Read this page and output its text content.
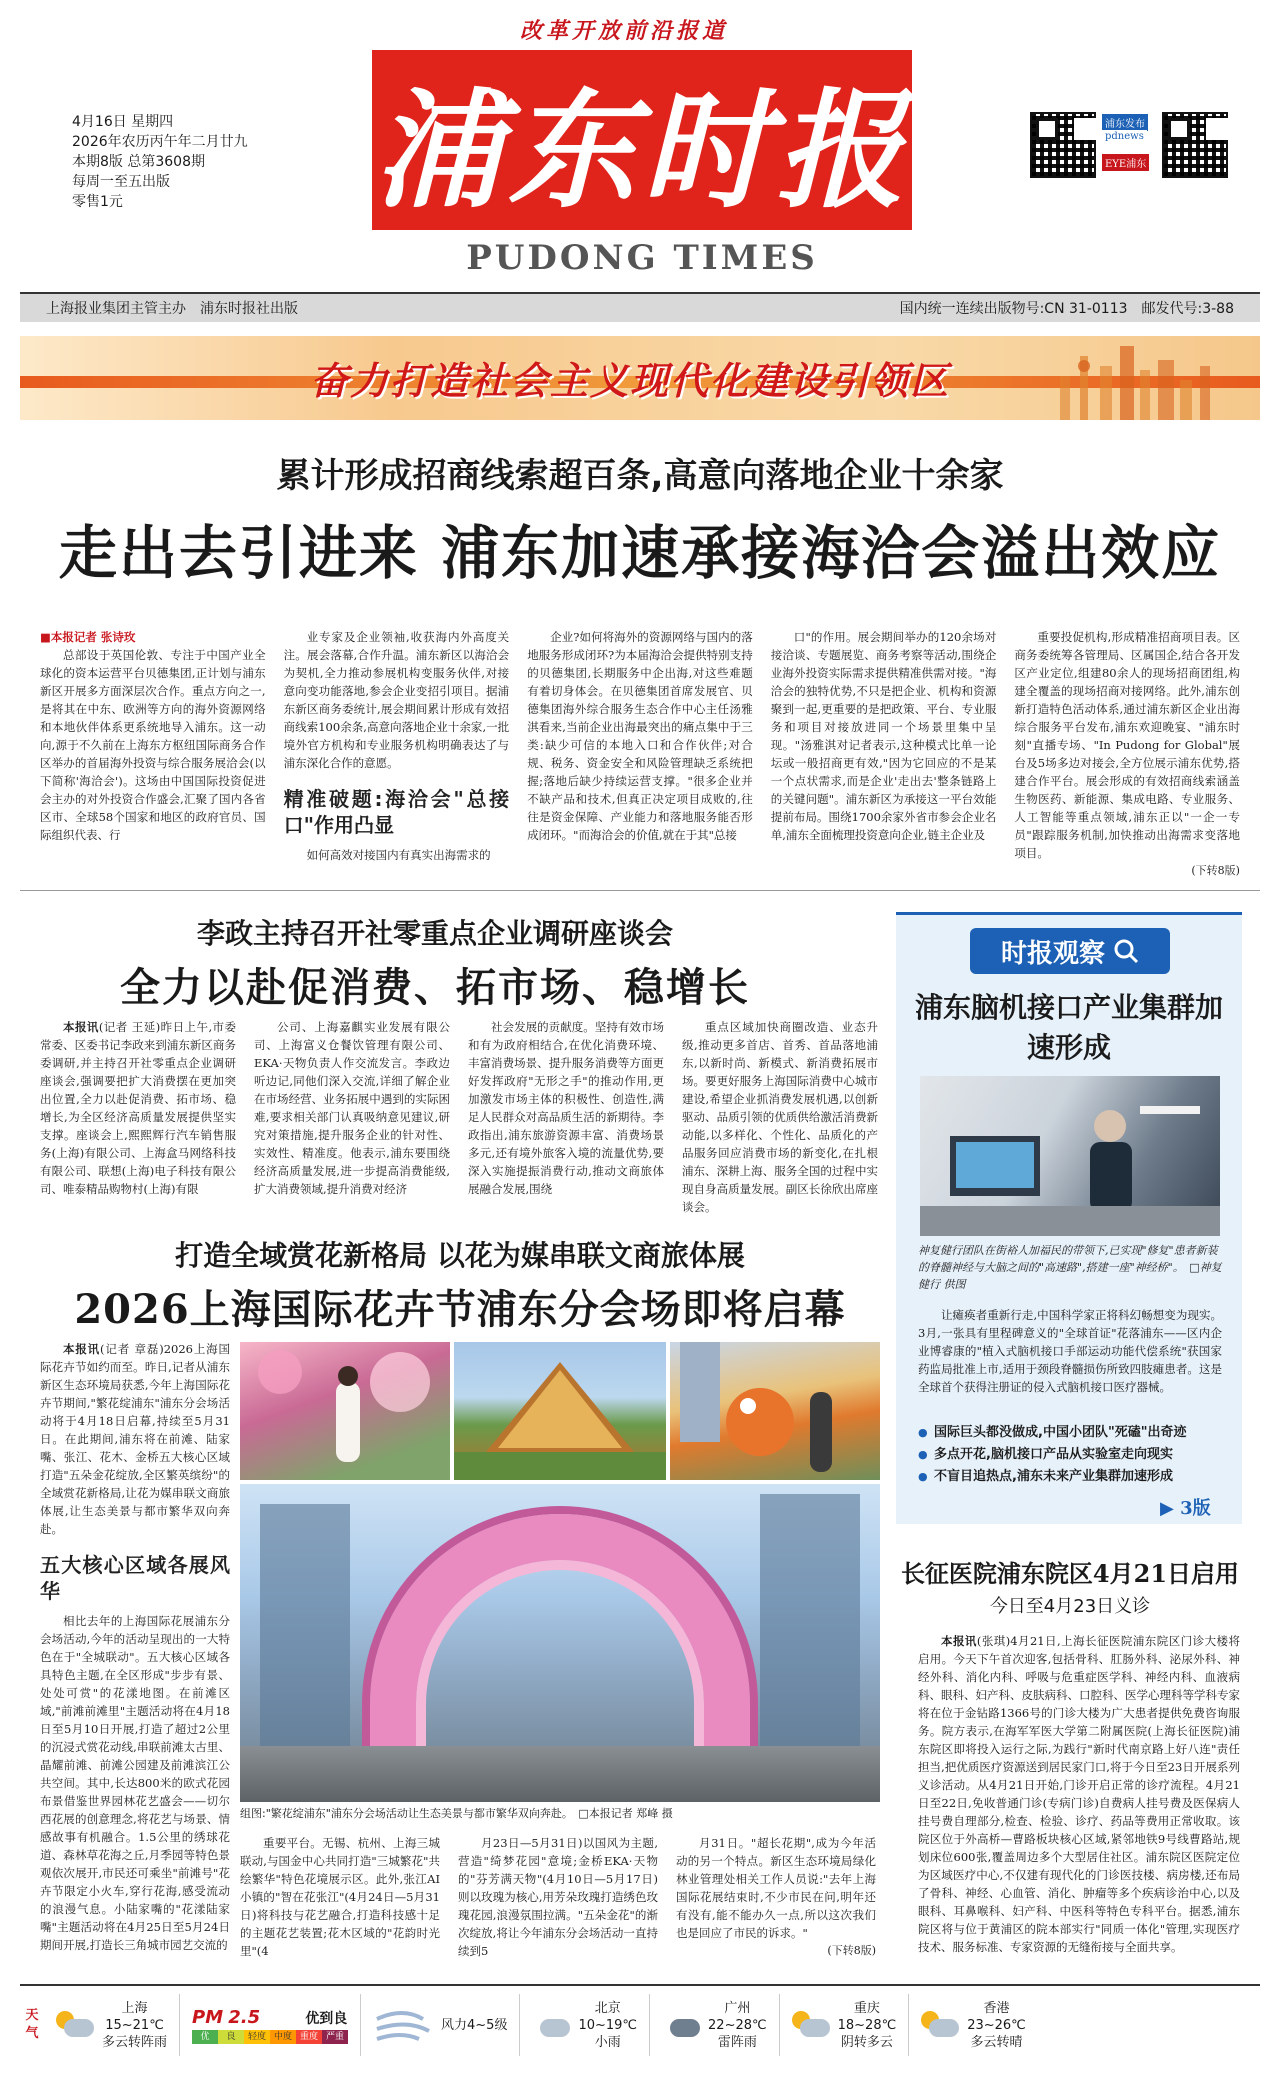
改革开放前沿报道
浦东时报
PUDONG TIMES
4月16日 星期四
2026年农历丙午年二月廿九
本期8版 总第3608期
每周一至五出版
零售1元
浦东发布
pdnews
EYE浦东
上海报业集团主管主办　浦东时报社出版	国内统一连续出版物号:CN 31-0113　邮发代号:3-88
奋力打造社会主义现代化建设引领区
累计形成招商线索超百条,高意向落地企业十余家
走出去引进来 浦东加速承接海洽会溢出效应
■本报记者 张诗玫

总部设于英国伦敦、专注于中国产业全球化的资本运营平台贝德集团,正计划与浦东新区开展多方面深层次合作。重点方向之一,是将其在中东、欧洲等方向的海外资源网络和本地伙伴体系更系统地导入浦东。这一动向,源于不久前在上海东方枢纽国际商务合作区举办的首届海外投资与综合服务展洽会(以下简称'海洽会')。这场由中国国际投资促进会主办的对外投资合作盛会,汇聚了国内各省区市、全球58个国家和地区的政府官员、国际组织代表、行

业专家及企业领袖,收获海内外高度关注。展会落幕,合作升温。浦东新区以海洽会为契机,全力推动参展机构变服务伙伴,对接意向变功能落地,参会企业变招引项目。据浦东新区商务委统计,展会期间累计形成有效招商线索100余条,高意向落地企业十余家,一批境外官方机构和专业服务机构明确表达了与浦东深化合作的意愿。

精准破题:海洽会"总接口"作用凸显

如何高效对接国内有真实出海需求的

企业?如何将海外的资源网络与国内的落地服务形成闭环?为本届海洽会提供特别支持的贝德集团,长期服务中企出海,对这些难题有着切身体会。在贝德集团首席发展官、贝德集团海外综合服务生态合作中心主任汤雅淇看来,当前企业出海最突出的痛点集中于三类:缺少可信的本地入口和合作伙伴;对合规、税务、资金安全和风险管理缺乏系统把握;落地后缺少持续运营支撑。"很多企业并不缺产品和技术,但真正决定项目成败的,往往是资金保障、产业能力和落地服务能否形成闭环。"而海洽会的价值,就在于其"总接

口"的作用。展会期间举办的120余场对接洽谈、专题展览、商务考察等活动,围绕企业海外投资实际需求提供精准供需对接。"海洽会的独特优势,不只是把企业、机构和资源聚到一起,更重要的是把政策、平台、专业服务和项目对接放进同一个场景里集中呈现。"汤雅淇对记者表示,这种模式比单一论坛或一般招商更有效,"因为它回应的不是某一个点状需求,而是企业'走出去'整条链路上的关键问题"。浦东新区为承接这一平台效能提前布局。围绕1700余家外省市参会企业名单,浦东全面梳理投资意向企业,链主企业及

重要投促机构,形成精准招商项目表。区商务委统筹各管理局、区属国企,结合各开发区产业定位,组建80余人的现场招商团组,构建全覆盖的现场招商对接网络。此外,浦东创新打造特色活动体系,通过浦东新区企业出海综合服务平台发布,浦东欢迎晚宴、"浦东时刻"直播专场、"In Pudong for Global"展台及5场多边对接会,全方位展示浦东优势,搭建合作平台。展会形成的有效招商线索涵盖生物医药、新能源、集成电路、专业服务、人工智能等重点领域,浦东正以"一企一专员"跟踪服务机制,加快推动出海需求变落地项目。

(下转8版)
李政主持召开社零重点企业调研座谈会
全力以赴促消费、拓市场、稳增长

本报讯(记者 王延)昨日上午,市委常委、区委书记李政来到浦东新区商务委调研,并主持召开社零重点企业调研座谈会,强调要把扩大消费摆在更加突出位置,全力以赴促消费、拓市场、稳增长,为全区经济高质量发展提供坚实支撑。座谈会上,熙熙辉行汽车销售服务(上海)有限公司、上海盒马网络科技有限公司、联想(上海)电子科技有限公司、唯泰精品购物村(上海)有限

公司、上海嘉麒实业发展有限公司、上海富义仓餐饮管理有限公司、EKA·天物负责人作交流发言。李政边听边记,同他们深入交流,详细了解企业在市场经营、业务拓展中遇到的实际困难,要求相关部门认真吸纳意见建议,研究对策措施,提升服务企业的针对性、实效性、精准度。他表示,浦东要围绕经济高质量发展,进一步提高消费能级,扩大消费领域,提升消费对经济

社会发展的贡献度。坚持有效市场和有为政府相结合,在优化消费环境、丰富消费场景、提升服务消费等方面更好发挥政府"无形之手"的推动作用,更加激发市场主体的积极性、创造性,满足人民群众对高品质生活的新期待。李政指出,浦东旅游资源丰富、消费场景多元,还有境外旅客入境的流量优势,要深入实施提振消费行动,推动文商旅体展融合发展,围绕

重点区域加快商圈改造、业态升级,推动更多首店、首秀、首品落地浦东,以新时尚、新模式、新消费拓展市场。要更好服务上海国际消费中心城市建设,希望企业抓消费发展机遇,以创新驱动、品质引领的优质供给激活消费新动能,以多样化、个性化、品质化的产品服务回应消费市场的新变化,在扎根浦东、深耕上海、服务全国的过程中实现自身高质量发展。副区长徐欣出席座谈会。

打造全域赏花新格局 以花为媒串联文商旅体展
2026上海国际花卉节浦东分会场即将启幕

本报讯(记者 章磊)2026上海国际花卉节如约而至。昨日,记者从浦东新区生态环境局获悉,今年上海国际花卉节期间,"繁花绽浦东"浦东分会场活动将于4月18日启幕,持续至5月31日。在此期间,浦东将在前滩、陆家嘴、张江、花木、金桥五大核心区域打造"五朵金花绽放,全区繁英缤纷"的全域赏花新格局,让花为媒串联文商旅体展,让生态美景与都市繁华双向奔赴。

五大核心区域各展风华

相比去年的上海国际花展浦东分会场活动,今年的活动呈现出的一大特色在于"全城联动"。五大核心区域各具特色主题,在全区形成"步步有景、处处可赏"的花漾地图。在前滩区域,"前滩前滩里"主题活动将在4月18日至5月10日开展,打造了超过2公里的沉浸式赏花动线,串联前滩太古里、晶耀前滩、前滩公园建及前滩滨江公共空间。其中,长达800米的欧式花园布景借鉴世界园林花艺盛会——切尔西花展的创意理念,将花艺与场景、情感故事有机融合。1.5公里的绣球花道、森林草花海之丘,月季园等特色景观依次展开,市民还可乘坐"前滩号"花卉节限定小火车,穿行花海,感受流动的浪漫气息。小陆家嘴的"花漾陆家嘴"主题活动将在4月25日至5月24日期间开展,打造长三角城市园艺交流的

组图:"繁花绽浦东"浦东分会场活动让生态美景与都市繁华双向奔赴。　□本报记者 郑峰 摄

重要平台。无锡、杭州、上海三城联动,与国金中心共同打造"三城繁花"共绘繁华"特色花境展示区。此外,张江AI小镇的"智在花张江"(4月24日—5月31日)将科技与花艺融合,打造科技感十足的主题花艺装置;花木区域的"花韵时光里"(4

月23日—5月31日)以国风为主题,营造"绮梦花园"意境;金桥EKA·天物的"芬芳满天物"(4月10日—5月17日)则以玫瑰为核心,用芳朵玫瑰打造绣色玫瑰花园,浪漫氛围拉满。"五朵金花"的渐次绽放,将让今年浦东分会场活动一直持续到5

月31日。"超长花期",成为今年活动的另一个特点。新区生态环境局绿化林业管理处相关工作人员说:"去年上海国际花展结束时,不少市民在问,明年还有没有,能不能办久一点,所以这次我们也是回应了市民的诉求。"

(下转8版)
时报观察
浦东脑机接口产业集群加速形成
神复健行团队在街裕人加福民的带领下,已实现"修复"患者新装的脊髓神经与大脑之间的"高速路",搭建一座"神经桥"。　□神复健行 供图

让瘫痪者重新行走,中国科学家正将科幻畅想变为现实。3月,一张具有里程碑意义的"全球首证"花落浦东——区内企业博睿康的"植入式脑机接口手部运动功能代偿系统"获国家药监局批准上市,适用于颈段脊髓损伤所致四肢瘫患者。这是全球首个获得注册证的侵入式脑机接口医疗器械。

● 国际巨头都没做成,中国小团队"死磕"出奇迹
● 多点开花,脑机接口产品从实验室走向现实
● 不盲目追热点,浦东未来产业集群加速形成
▶ 3版
长征医院浦东院区4月21日启用
今日至4月23日义诊

本报讯(张琪)4月21日,上海长征医院浦东院区门诊大楼将启用。今天下午首次迎客,包括骨科、肛肠外科、泌尿外科、神经外科、消化内科、呼吸与危重症医学科、神经内科、血液病科、眼科、妇产科、皮肤病科、口腔科、医学心理科等学科专家将在位于金钻路1366号的门诊大楼为广大患者提供免费咨询服务。院方表示,在海军军医大学第二附属医院(上海长征医院)浦东院区即将投入运行之际,为践行"新时代南京路上好八连"责任担当,把优质医疗资源送到居民家门口,将于今日至23日开展系列义诊活动。从4月21日开始,门诊开启正常的诊疗流程。4月21日至22日,免收普通门诊(专病门诊)自费病人挂号费及医保病人挂号费自理部分,检查、检验、诊疗、药品等费用正常收取。该院区位于外高桥—曹路板块核心区域,紧邻地铁9号线曹路站,规划床位600张,覆盖周边多个大型居住社区。浦东院区医院定位为区域医疗中心,不仅建有现代化的门诊医技楼、病房楼,还布局了骨科、神经、心血管、消化、肿瘤等多个疾病诊治中心,以及眼科、耳鼻喉科、妇产科、中医科等特色专科平台。据悉,浦东院区将与位于黄浦区的院本部实行"同质一体化"管理,实现医疗技术、服务标准、专家资源的无缝衔接与全面共享。

天气
上海
15~21℃
多云转阵雨
PM 2.5	优到良
优	良	轻度 中度 重度 严重
风力4~5级
北京
10~19℃
小雨
广州
22~28℃
雷阵雨
重庆
18~28℃
阴转多云
香港
23~26℃
多云转晴
